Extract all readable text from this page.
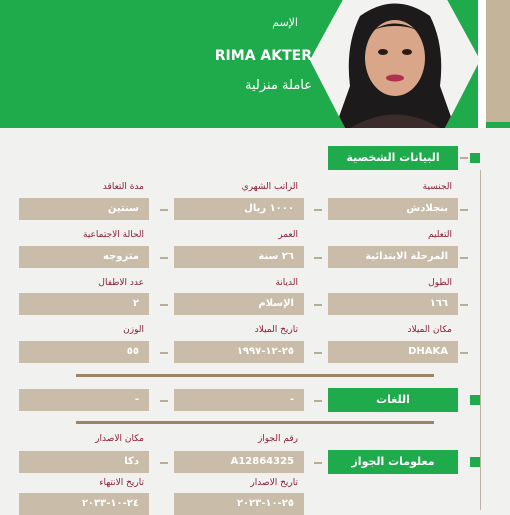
الإسم
RIMA AKTER
عاملة منزلية
البيانات الشخصية
الجنسية
الراتب الشهري
مدة التعاقد
بنجلادش
١٠٠٠ ريال
سنتين
التعليم
العمر
الحالة الاجتماعية
المرحلة الابتدائية
٢٦ سنة
متزوجه
الطول
الديانة
عدد الاطفال
١٦٦
الإسلام
٢
مكان الميلاد
تاريخ الميلاد
الوزن
DHAKA
٢٥-١٢-١٩٩٧
٥٥
اللغات
-
-
رقم الجواز
مكان الاصدار
معلومات الجواز
A12864325
دكا
تاريخ الاصدار
تاريخ الانتهاء
٢٥-١٠-٢٠٢٣
٢٤-١٠-٢٠٣٣
